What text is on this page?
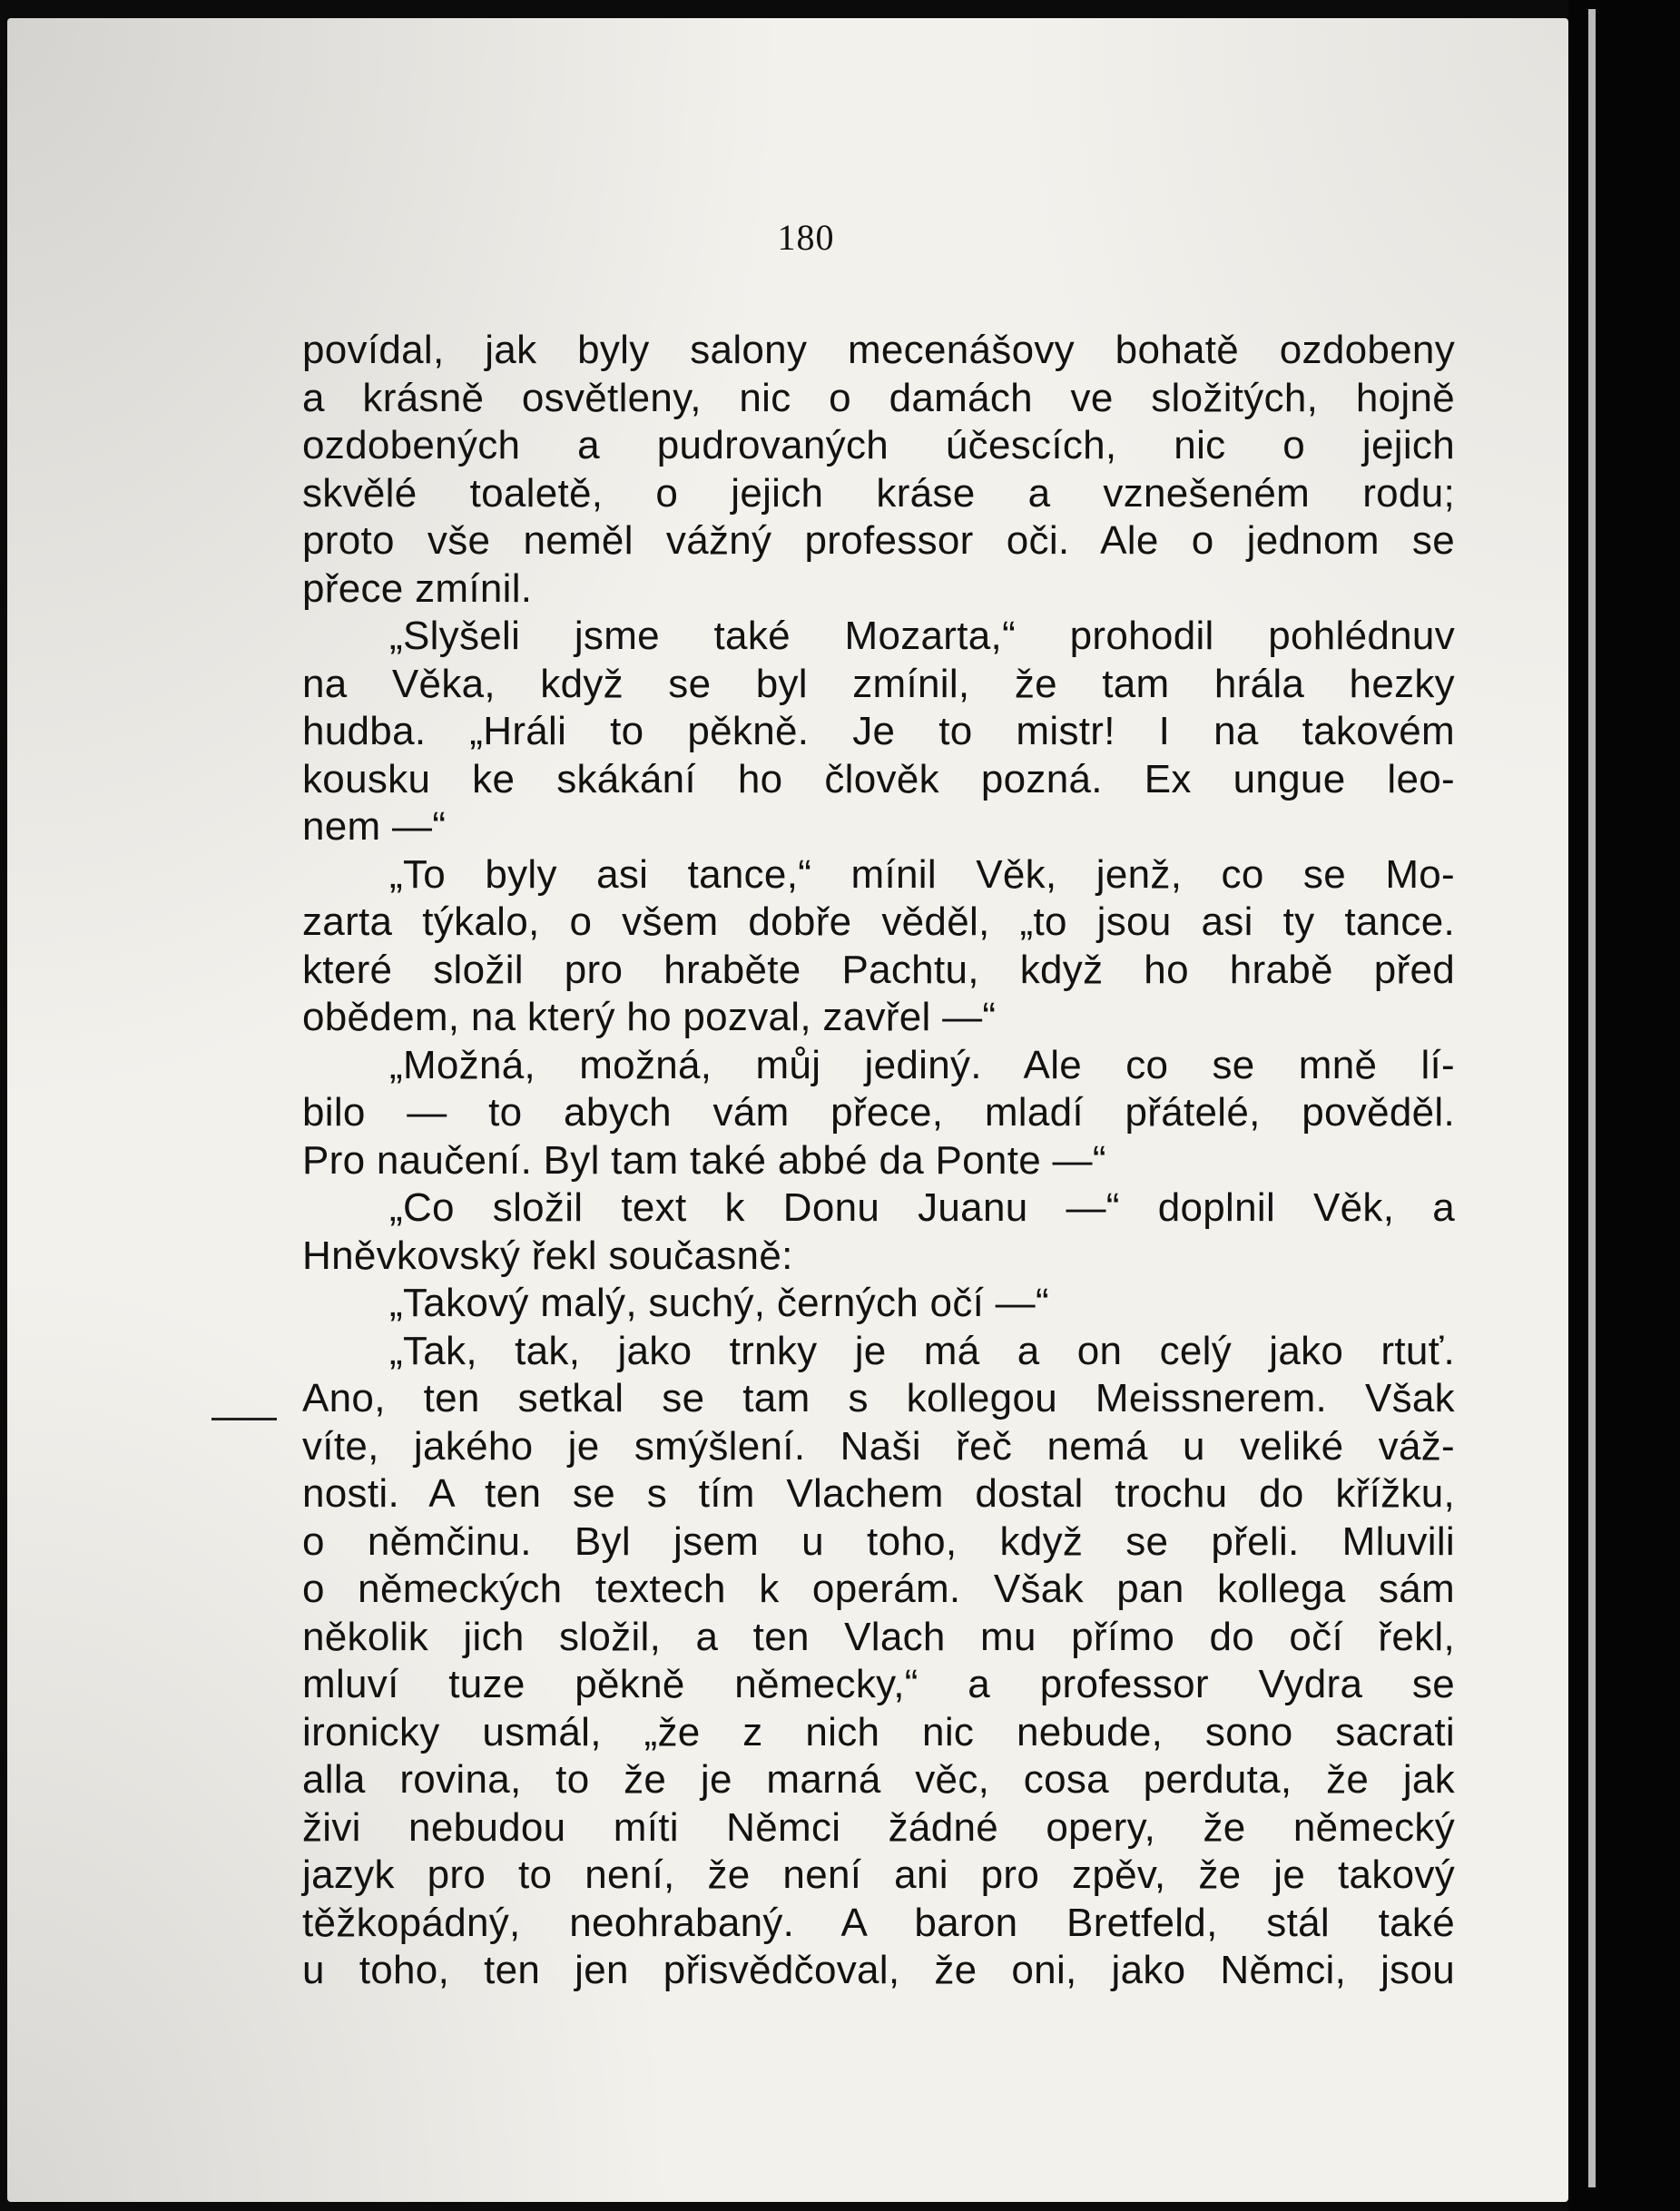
180
povídal, jak byly salony mecenášovy bohatě ozdobeny
a krásně osvětleny, nic o damách ve složitých, hojně
ozdobených a pudrovaných účescích, nic o jejich
skvělé toaletě, o jejich kráse a vznešeném rodu;
proto vše neměl vážný professor oči. Ale o jednom se
přece zmínil.
„Slyšeli jsme také Mozarta,“ prohodil pohlédnuv
na Věka, když se byl zmínil, že tam hrála hezky
hudba. „Hráli to pěkně. Je to mistr! I na takovém
kousku ke skákání ho člověk pozná. Ex ungue leo-
nem —“
„To byly asi tance,“ mínil Věk, jenž, co se Mo-
zarta týkalo, o všem dobře věděl, „to jsou asi ty tance.
které složil pro hraběte Pachtu, když ho hrabě před
obědem, na který ho pozval, zavřel —“
„Možná, možná, můj jediný. Ale co se mně lí-
bilo — to abych vám přece, mladí přátelé, pověděl.
Pro naučení. Byl tam také abbé da Ponte —“
„Co složil text k Donu Juanu —“ doplnil Věk, a
Hněvkovský řekl současně:
„Takový malý, suchý, černých očí —“
„Tak, tak, jako trnky je má a on celý jako rtuť.
Ano, ten setkal se tam s kollegou Meissnerem. Však
víte, jakého je smýšlení. Naši řeč nemá u veliké váž-
nosti. A ten se s tím Vlachem dostal trochu do křížku,
o němčinu. Byl jsem u toho, když se přeli. Mluvili
o německých textech k operám. Však pan kollega sám
několik jich složil, a ten Vlach mu přímo do očí řekl,
mluví tuze pěkně německy,“ a professor Vydra se
ironicky usmál, „že z nich nic nebude, sono sacrati
alla rovina, to že je marná věc, cosa perduta, že jak
živi nebudou míti Němci žádné opery, že německý
jazyk pro to není, že není ani pro zpěv, že je takový
těžkopádný, neohrabaný. A baron Bretfeld, stál také
u toho, ten jen přisvědčoval, že oni, jako Němci, jsou
